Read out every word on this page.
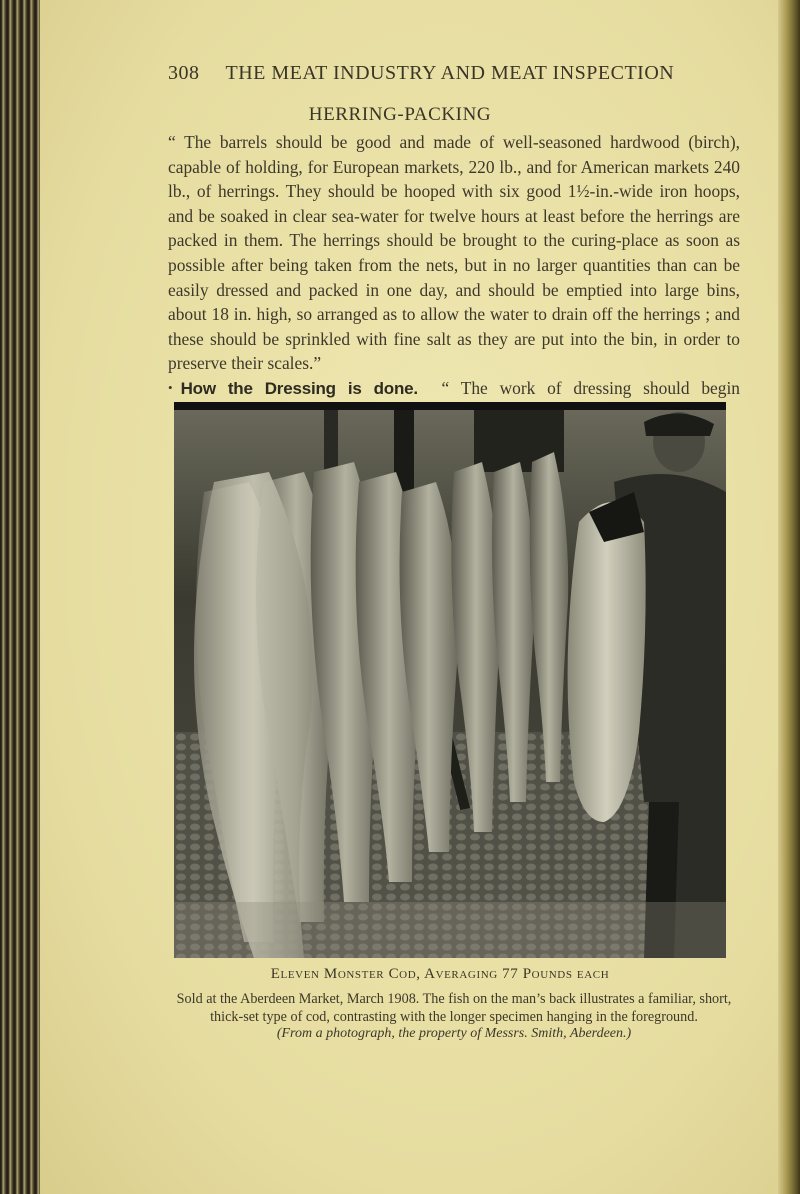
308 THE MEAT INDUSTRY AND MEAT INSPECTION
HERRING-PACKING

“ The barrels should be good and made of well-seasoned hardwood (birch), capable of holding, for European markets, 220 lb., and for American markets 240 lb., of herrings. They should be hooped with six good 1½-in.-wide iron hoops, and be soaked in clear sea-water for twelve hours at least before the herrings are packed in them. The herrings should be brought to the curing-place as soon as possible after being taken from the nets, but in no larger quantities than can be easily dressed and packed in one day, and should be emptied into large bins, about 18 in. high, so arranged as to allow the water to drain off the herrings ; and these should be sprinkled with fine salt as they are put into the bin, in order to preserve their scales.”

• How the Dressing is done. “ The work of dressing should begin

Eleven Monster Cod, Averaging 77 Pounds each

Sold at the Aberdeen Market, March 1908. The fish on the man’s back illustrates a familiar, short, thick-set type of cod, contrasting with the longer specimen hanging in the foreground.

(From a photograph, the property of Messrs. Smith, Aberdeen.)
